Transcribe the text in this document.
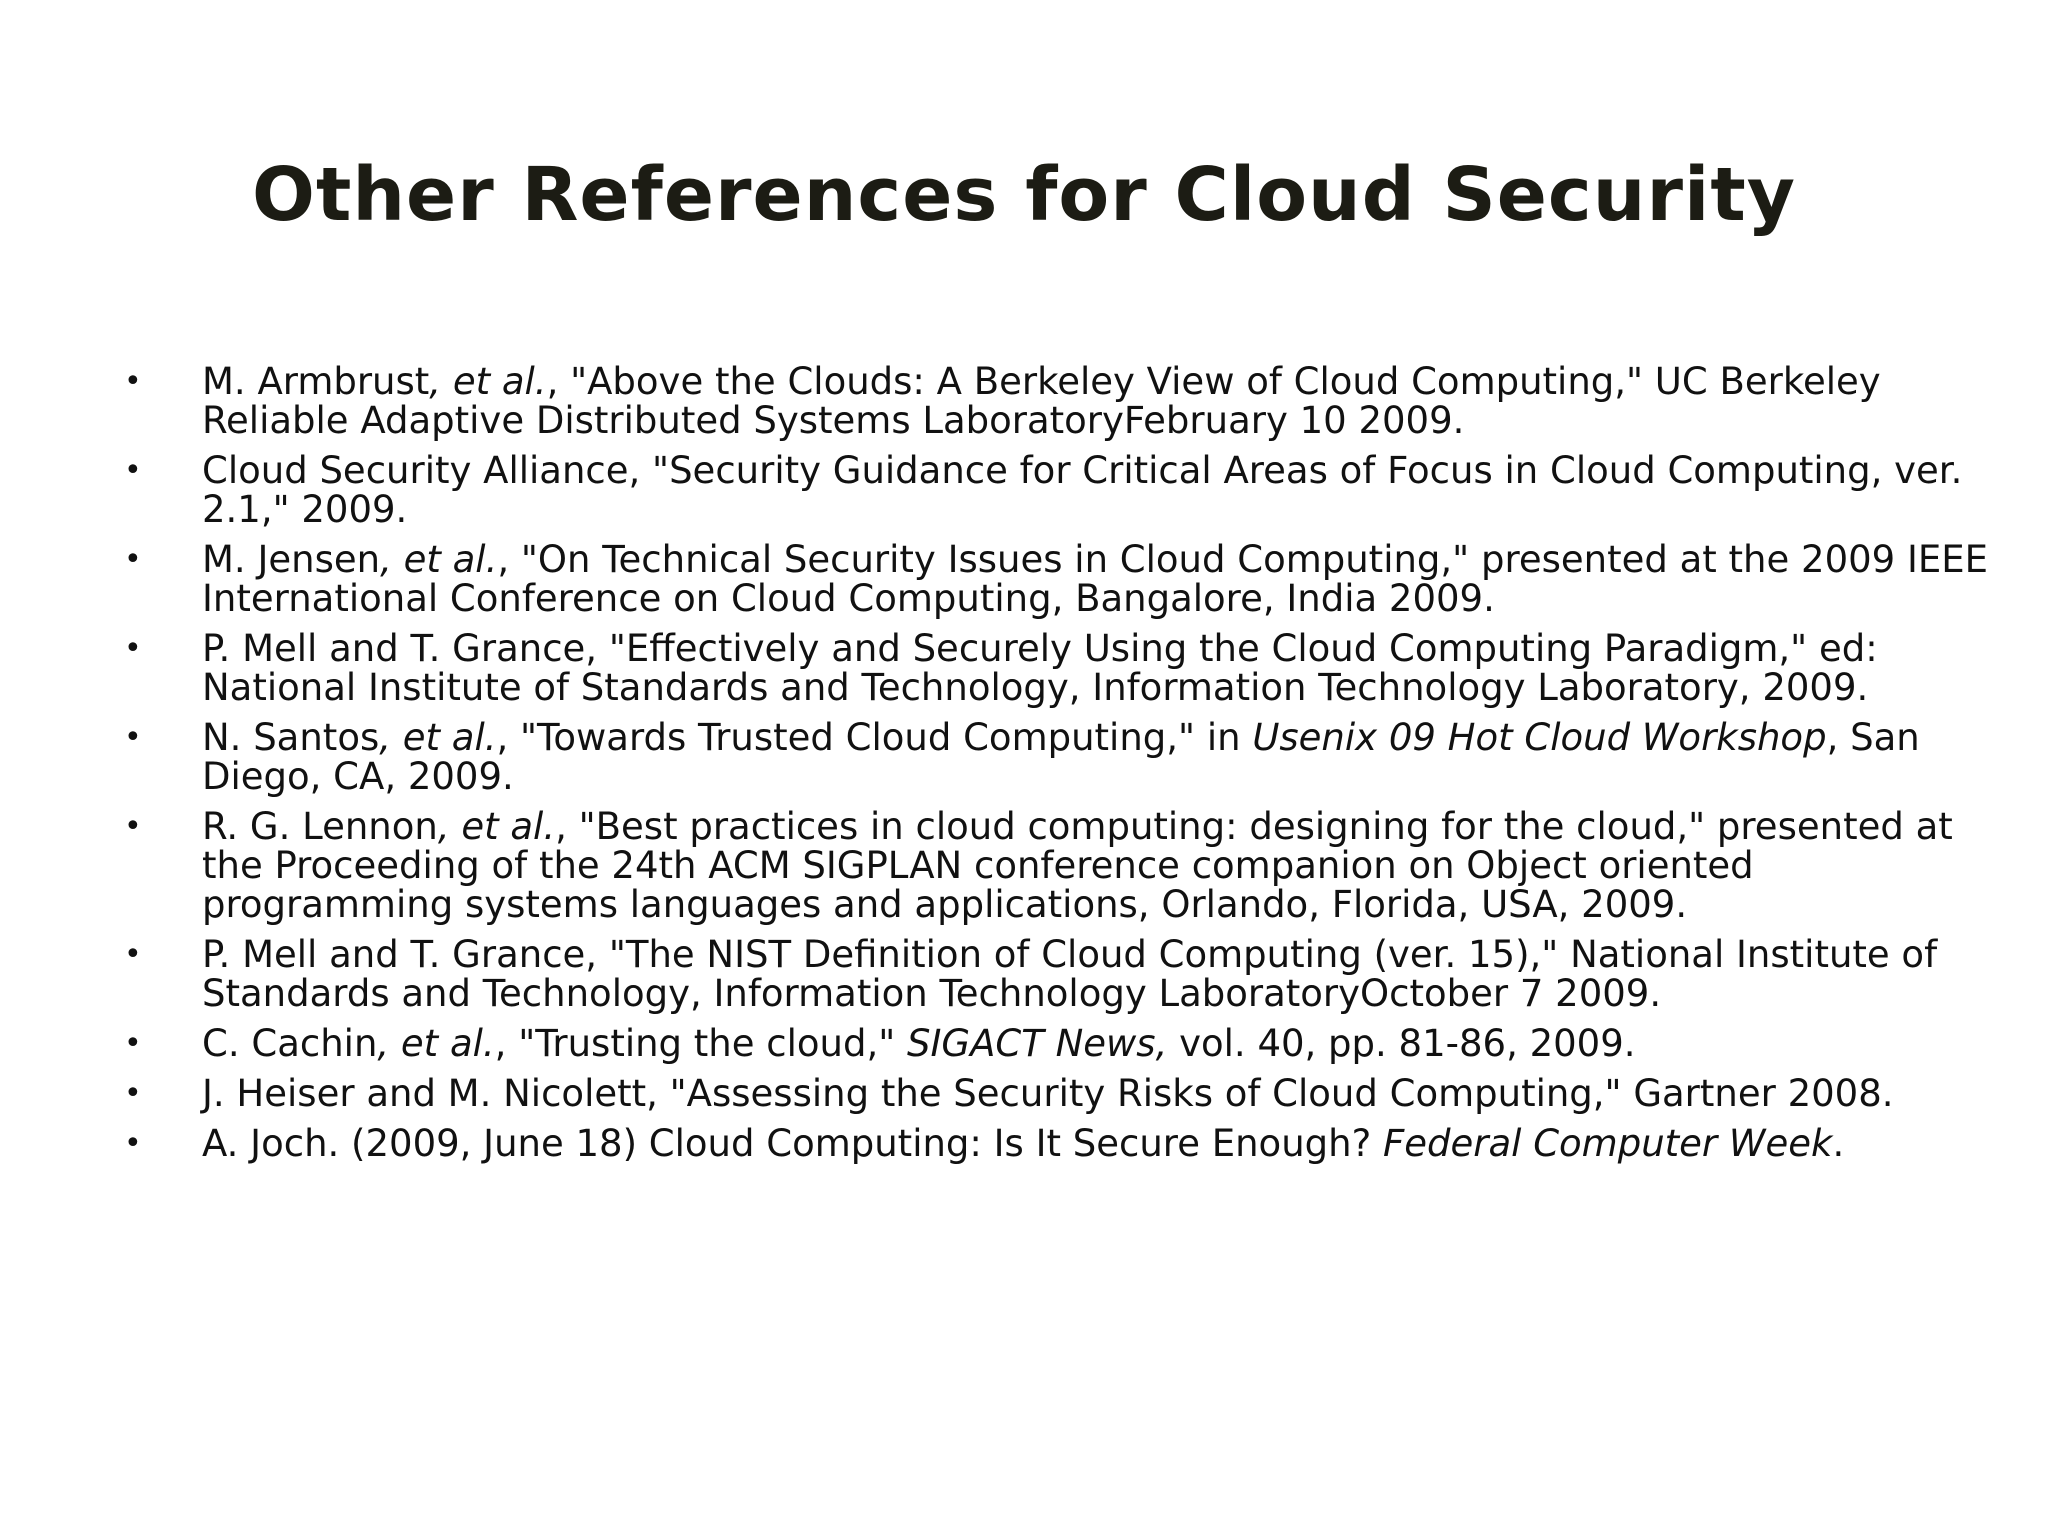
Other References for Cloud Security
• M. Armbrust, et al., "Above the Clouds: A Berkeley View of Cloud Computing," UC Berkeley Reliable Adaptive Distributed Systems LaboratoryFebruary 10 2009.
• Cloud Security Alliance, "Security Guidance for Critical Areas of Focus in Cloud Computing, ver. 2.1," 2009.
• M. Jensen, et al., "On Technical Security Issues in Cloud Computing," presented at the 2009 IEEE International Conference on Cloud Computing, Bangalore, India 2009.
• P. Mell and T. Grance, "Effectively and Securely Using the Cloud Computing Paradigm," ed: National Institute of Standards and Technology, Information Technology Laboratory, 2009.
• N. Santos, et al., "Towards Trusted Cloud Computing," in Usenix 09 Hot Cloud Workshop, San Diego, CA, 2009.
• R. G. Lennon, et al., "Best practices in cloud computing: designing for the cloud," presented at the Proceeding of the 24th ACM SIGPLAN conference companion on Object oriented programming systems languages and applications, Orlando, Florida, USA, 2009.
• P. Mell and T. Grance, "The NIST Definition of Cloud Computing (ver. 15)," National Institute of Standards and Technology, Information Technology LaboratoryOctober 7 2009.
• C. Cachin, et al., "Trusting the cloud," SIGACT News, vol. 40, pp. 81-86, 2009.
• J. Heiser and M. Nicolett, "Assessing the Security Risks of Cloud Computing," Gartner 2008.
• A. Joch. (2009, June 18) Cloud Computing: Is It Secure Enough? Federal Computer Week.
